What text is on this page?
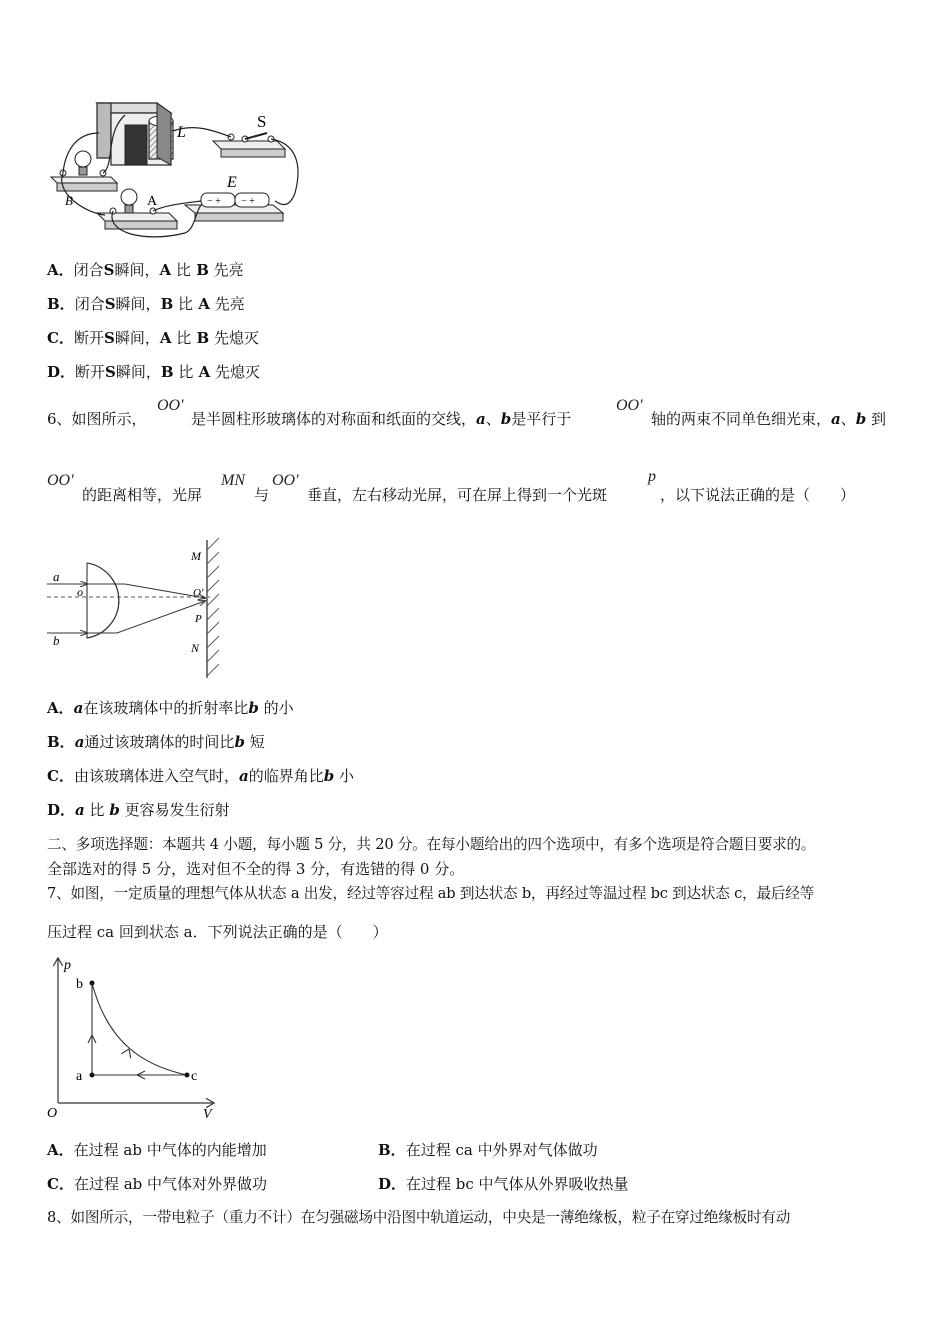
L
S
− + − +
E
B	A
A．闭合S瞬间，A 比 B 先亮
B．闭合S瞬间，B 比 A 先亮
C．断开S瞬间，A 比 B 先熄灭
D．断开S瞬间，B 比 A 先熄灭
6、如图所示，
OO′
是半圆柱形玻璃体的对称面和纸面的交线，a、b是平行于
OO′
轴的两束不同单色细光束，a、b 到
OO′
的距离相等，光屏
MN
与
OO′
垂直，左右移动光屏，可在屏上得到一个光斑
p
，以下说法正确的是（　　）
M
O'
P
N
a
o
b
A．a在该玻璃体中的折射率比b 的小
B．a通过该玻璃体的时间比b 短
C．由该玻璃体进入空气时，a的临界角比b 小
D．a 比 b 更容易发生衍射
二、多项选择题：本题共 4 小题，每小题 5 分，共 20 分。在每小题给出的四个选项中，有多个选项是符合题目要求的。
全部选对的得 5 分，选对但不全的得 3 分，有选错的得 0 分。
7、如图，一定质量的理想气体从状态 a 出发，经过等容过程 ab 到达状态 b，再经过等温过程 bc 到达状态 c，最后经等
压过程 ca 回到状态 a．下列说法正确的是（　　）
p
V
O
a
b
c
A．在过程 ab 中气体的内能增加	B．在过程 ca 中外界对气体做功
C．在过程 ab 中气体对外界做功	D．在过程 bc 中气体从外界吸收热量
8、如图所示，一带电粒子（重力不计）在匀强磁场中沿图中轨道运动，中央是一薄绝缘板，粒子在穿过绝缘板时有动
